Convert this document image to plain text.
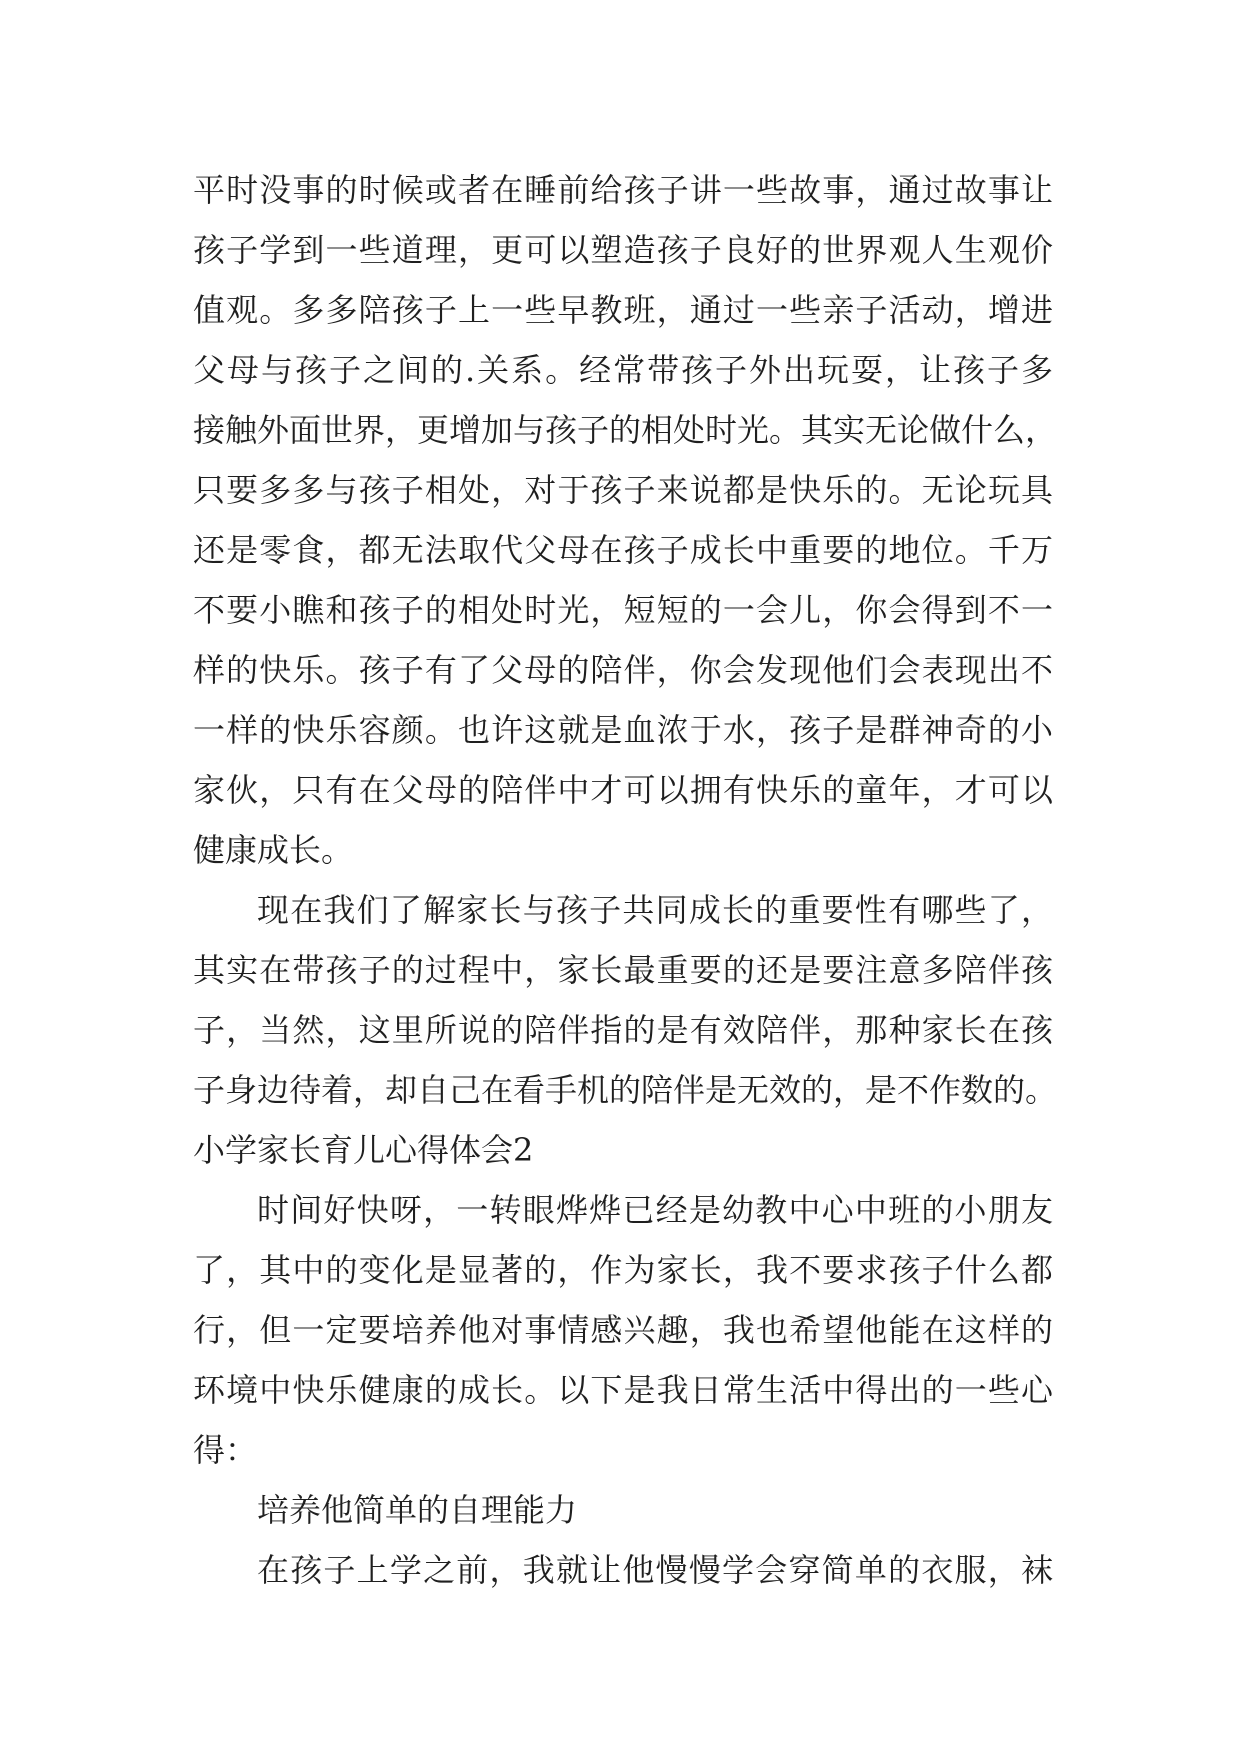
平时没事的时候或者在睡前给孩子讲一些故事，通过故事让
孩子学到一些道理，更可以塑造孩子良好的世界观人生观价
值观。多多陪孩子上一些早教班，通过一些亲子活动，增进
父母与孩子之间的.关系。经常带孩子外出玩耍，让孩子多
接触外面世界，更增加与孩子的相处时光。其实无论做什么，
只要多多与孩子相处，对于孩子来说都是快乐的。无论玩具
还是零食，都无法取代父母在孩子成长中重要的地位。千万
不要小瞧和孩子的相处时光，短短的一会儿，你会得到不一
样的快乐。孩子有了父母的陪伴，你会发现他们会表现出不
一样的快乐容颜。也许这就是血浓于水，孩子是群神奇的小
家伙，只有在父母的陪伴中才可以拥有快乐的童年，才可以
健康成长。
现在我们了解家长与孩子共同成长的重要性有哪些了，
其实在带孩子的过程中，家长最重要的还是要注意多陪伴孩
子，当然，这里所说的陪伴指的是有效陪伴，那种家长在孩
子身边待着，却自己在看手机的陪伴是无效的，是不作数的。
小学家长育儿心得体会2
时间好快呀，一转眼烨烨已经是幼教中心中班的小朋友
了，其中的变化是显著的，作为家长，我不要求孩子什么都
行，但一定要培养他对事情感兴趣，我也希望他能在这样的
环境中快乐健康的成长。以下是我日常生活中得出的一些心
得：
培养他简单的自理能力
在孩子上学之前，我就让他慢慢学会穿简单的衣服，袜
